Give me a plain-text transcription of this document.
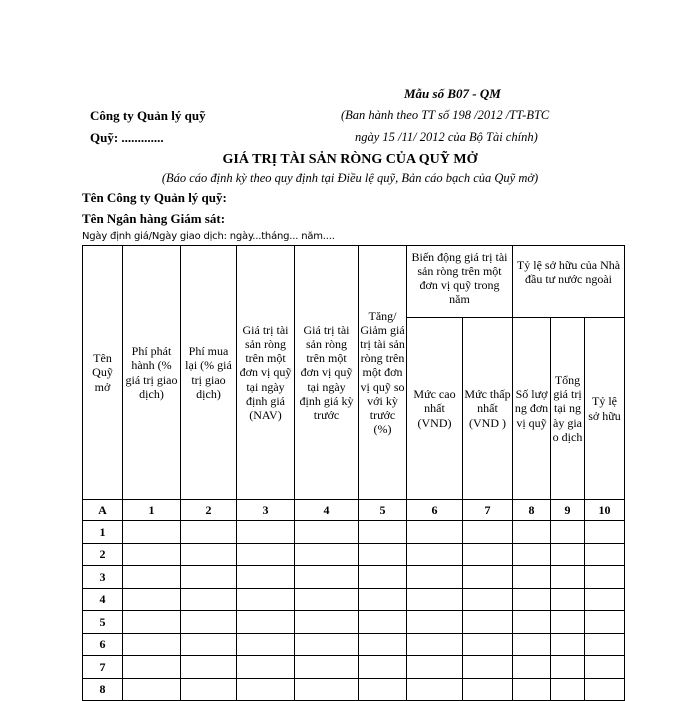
Mẫu số B07 - QM
Công ty Quản lý quỹ
Quỹ: .............
(Ban hành theo TT số 198 /2012 /TT-BTC
ngày 15 /11/ 2012 của Bộ Tài chính)
GIÁ TRỊ TÀI SẢN RÒNG CỦA QUỸ MỞ
(Báo cáo định kỳ theo quy định tại Điều lệ quỹ, Bản cáo bạch của Quỹ mở)
Tên Công ty Quản lý quỹ:
Tên Ngân hàng Giám sát:
Ngày định giá/Ngày giao dịch: ngày...tháng... năm....
Tên Quỹ mở	Phí phát hành (% giá trị giao dịch)	Phí mua lại (% giá trị giao dịch)	Giá trị tài sản ròng trên một đơn vị quỹ tại ngày định giá (NAV)	Giá trị tài sản ròng trên một đơn vị quỹ tại ngày định giá kỳ trước	Tăng/ Giảm giá trị tài sản ròng trên một đơn vị quỹ so với kỳ trước (%)	Biến động giá trị tài sản ròng trên một đơn vị quỹ trong năm		Tỷ lệ sở hữu của Nhà đầu tư nước ngoài		
						Mức cao nhất (VND)	Mức thấp nhất (VND )	Số lượng đơn vị quỹ	Tổng giá trị tại ngày giao dịch	Tỷ lệ sở hữu
A	1	2	3	4	5	6	7	8	9	10
1										
2										
3										
4										
5										
6										
7										
8										
